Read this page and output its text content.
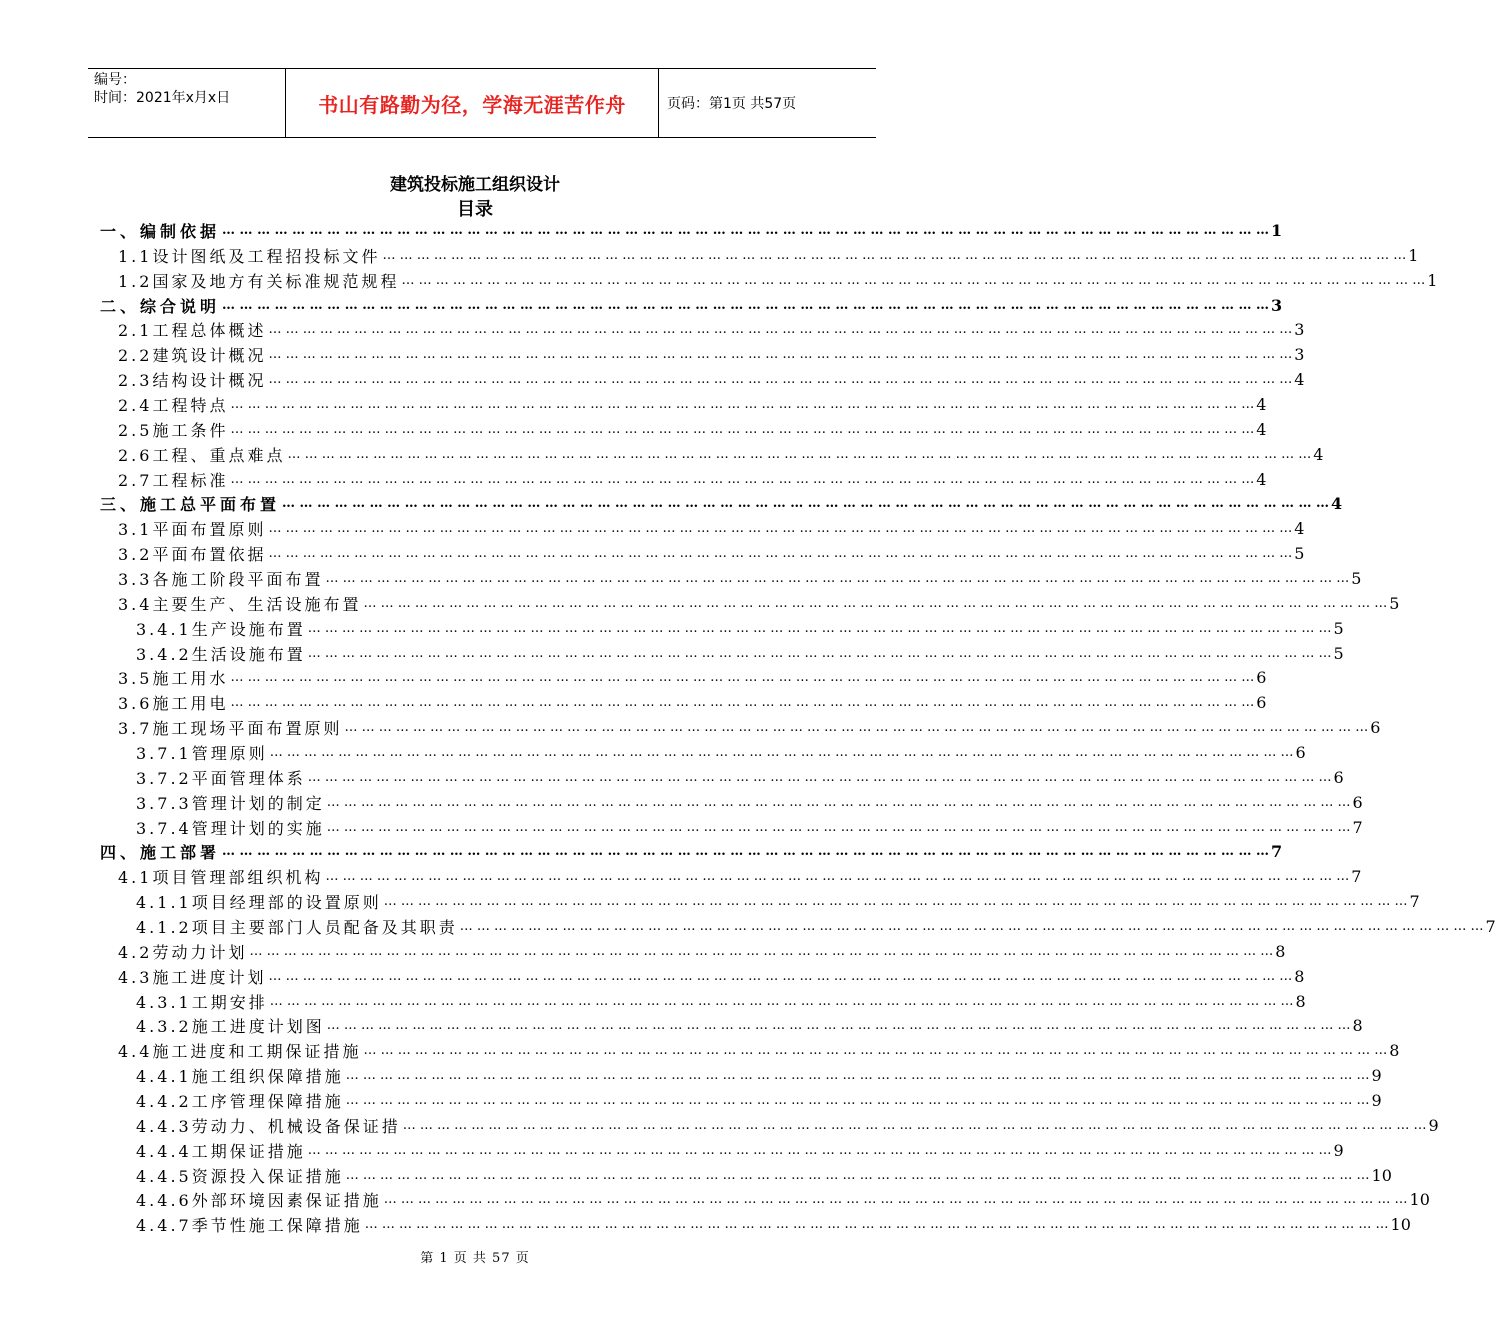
编号：
时间：2021年x月x日	书山有路勤为径，学海无涯苦作舟	页码：第1页 共57页
建筑投标施工组织设计
目录
一、编制依据 … … … … … … … … … … … … … … … … … … … … … … … … … … … … … … … … … … … … … … … … … … … … … … … … … … … … … … … … … … … … 1
1.1设计图纸及工程招投标文件 … … … … … … … … … … … … … … … … … … … … … … … … … … … … … … … … … … … … … … … … … … … … … … … … … … … … … … … … … … … … 1
1.2国家及地方有关标准规范规程 … … … … … … … … … … … … … … … … … … … … … … … … … … … … … … … … … … … … … … … … … … … … … … … … … … … … … … … … … … … … 1
二、综合说明 … … … … … … … … … … … … … … … … … … … … … … … … … … … … … … … … … … … … … … … … … … … … … … … … … … … … … … … … … … … … 3
2.1工程总体概述 … … … … … … … … … … … … … … … … … … … … … … … … … … … … … … … … … … … … … … … … … … … … … … … … … … … … … … … … … … … … 3
2.2建筑设计概况 … … … … … … … … … … … … … … … … … … … … … … … … … … … … … … … … … … … … … … … … … … … … … … … … … … … … … … … … … … … … 3
2.3结构设计概况 … … … … … … … … … … … … … … … … … … … … … … … … … … … … … … … … … … … … … … … … … … … … … … … … … … … … … … … … … … … … 4
2.4工程特点 … … … … … … … … … … … … … … … … … … … … … … … … … … … … … … … … … … … … … … … … … … … … … … … … … … … … … … … … … … … … 4
2.5施工条件 … … … … … … … … … … … … … … … … … … … … … … … … … … … … … … … … … … … … … … … … … … … … … … … … … … … … … … … … … … … … 4
2.6工程、重点难点 … … … … … … … … … … … … … … … … … … … … … … … … … … … … … … … … … … … … … … … … … … … … … … … … … … … … … … … … … … … … 4
2.7工程标准 … … … … … … … … … … … … … … … … … … … … … … … … … … … … … … … … … … … … … … … … … … … … … … … … … … … … … … … … … … … … 4
三、施工总平面布置 … … … … … … … … … … … … … … … … … … … … … … … … … … … … … … … … … … … … … … … … … … … … … … … … … … … … … … … … … … … … 4
3.1平面布置原则 … … … … … … … … … … … … … … … … … … … … … … … … … … … … … … … … … … … … … … … … … … … … … … … … … … … … … … … … … … … … 4
3.2平面布置依据 … … … … … … … … … … … … … … … … … … … … … … … … … … … … … … … … … … … … … … … … … … … … … … … … … … … … … … … … … … … … 5
3.3各施工阶段平面布置 … … … … … … … … … … … … … … … … … … … … … … … … … … … … … … … … … … … … … … … … … … … … … … … … … … … … … … … … … … … … 5
3.4主要生产、生活设施布置 … … … … … … … … … … … … … … … … … … … … … … … … … … … … … … … … … … … … … … … … … … … … … … … … … … … … … … … … … … … … 5
3.4.1生产设施布置 … … … … … … … … … … … … … … … … … … … … … … … … … … … … … … … … … … … … … … … … … … … … … … … … … … … … … … … … … … … … 5
3.4.2生活设施布置 … … … … … … … … … … … … … … … … … … … … … … … … … … … … … … … … … … … … … … … … … … … … … … … … … … … … … … … … … … … … 5
3.5施工用水 … … … … … … … … … … … … … … … … … … … … … … … … … … … … … … … … … … … … … … … … … … … … … … … … … … … … … … … … … … … … 6
3.6施工用电 … … … … … … … … … … … … … … … … … … … … … … … … … … … … … … … … … … … … … … … … … … … … … … … … … … … … … … … … … … … … 6
3.7施工现场平面布置原则 … … … … … … … … … … … … … … … … … … … … … … … … … … … … … … … … … … … … … … … … … … … … … … … … … … … … … … … … … … … … 6
3.7.1管理原则 … … … … … … … … … … … … … … … … … … … … … … … … … … … … … … … … … … … … … … … … … … … … … … … … … … … … … … … … … … … … 6
3.7.2平面管理体系 … … … … … … … … … … … … … … … … … … … … … … … … … … … … … … … … … … … … … … … … … … … … … … … … … … … … … … … … … … … … 6
3.7.3管理计划的制定 … … … … … … … … … … … … … … … … … … … … … … … … … … … … … … … … … … … … … … … … … … … … … … … … … … … … … … … … … … … … 6
3.7.4管理计划的实施 … … … … … … … … … … … … … … … … … … … … … … … … … … … … … … … … … … … … … … … … … … … … … … … … … … … … … … … … … … … … 7
四、施工部署 … … … … … … … … … … … … … … … … … … … … … … … … … … … … … … … … … … … … … … … … … … … … … … … … … … … … … … … … … … … … 7
4.1项目管理部组织机构 … … … … … … … … … … … … … … … … … … … … … … … … … … … … … … … … … … … … … … … … … … … … … … … … … … … … … … … … … … … … 7
4.1.1项目经理部的设置原则 … … … … … … … … … … … … … … … … … … … … … … … … … … … … … … … … … … … … … … … … … … … … … … … … … … … … … … … … … … … … 7
4.1.2项目主要部门人员配备及其职责 … … … … … … … … … … … … … … … … … … … … … … … … … … … … … … … … … … … … … … … … … … … … … … … … … … … … … … … … … … … … 7
4.2劳动力计划 … … … … … … … … … … … … … … … … … … … … … … … … … … … … … … … … … … … … … … … … … … … … … … … … … … … … … … … … … … … … 8
4.3施工进度计划 … … … … … … … … … … … … … … … … … … … … … … … … … … … … … … … … … … … … … … … … … … … … … … … … … … … … … … … … … … … … 8
4.3.1工期安排 … … … … … … … … … … … … … … … … … … … … … … … … … … … … … … … … … … … … … … … … … … … … … … … … … … … … … … … … … … … … 8
4.3.2施工进度计划图 … … … … … … … … … … … … … … … … … … … … … … … … … … … … … … … … … … … … … … … … … … … … … … … … … … … … … … … … … … … … 8
4.4施工进度和工期保证措施 … … … … … … … … … … … … … … … … … … … … … … … … … … … … … … … … … … … … … … … … … … … … … … … … … … … … … … … … … … … … 8
4.4.1施工组织保障措施 … … … … … … … … … … … … … … … … … … … … … … … … … … … … … … … … … … … … … … … … … … … … … … … … … … … … … … … … … … … … 9
4.4.2工序管理保障措施 … … … … … … … … … … … … … … … … … … … … … … … … … … … … … … … … … … … … … … … … … … … … … … … … … … … … … … … … … … … … 9
4.4.3劳动力、机械设备保证措 … … … … … … … … … … … … … … … … … … … … … … … … … … … … … … … … … … … … … … … … … … … … … … … … … … … … … … … … … … … … 9
4.4.4工期保证措施 … … … … … … … … … … … … … … … … … … … … … … … … … … … … … … … … … … … … … … … … … … … … … … … … … … … … … … … … … … … … 9
4.4.5资源投入保证措施 … … … … … … … … … … … … … … … … … … … … … … … … … … … … … … … … … … … … … … … … … … … … … … … … … … … … … … … … … … … … 10
4.4.6外部环境因素保证措施 … … … … … … … … … … … … … … … … … … … … … … … … … … … … … … … … … … … … … … … … … … … … … … … … … … … … … … … … … … … … 10
4.4.7季节性施工保障措施 … … … … … … … … … … … … … … … … … … … … … … … … … … … … … … … … … … … … … … … … … … … … … … … … … … … … … … … … … … … … 10
第 1 页 共 57 页
